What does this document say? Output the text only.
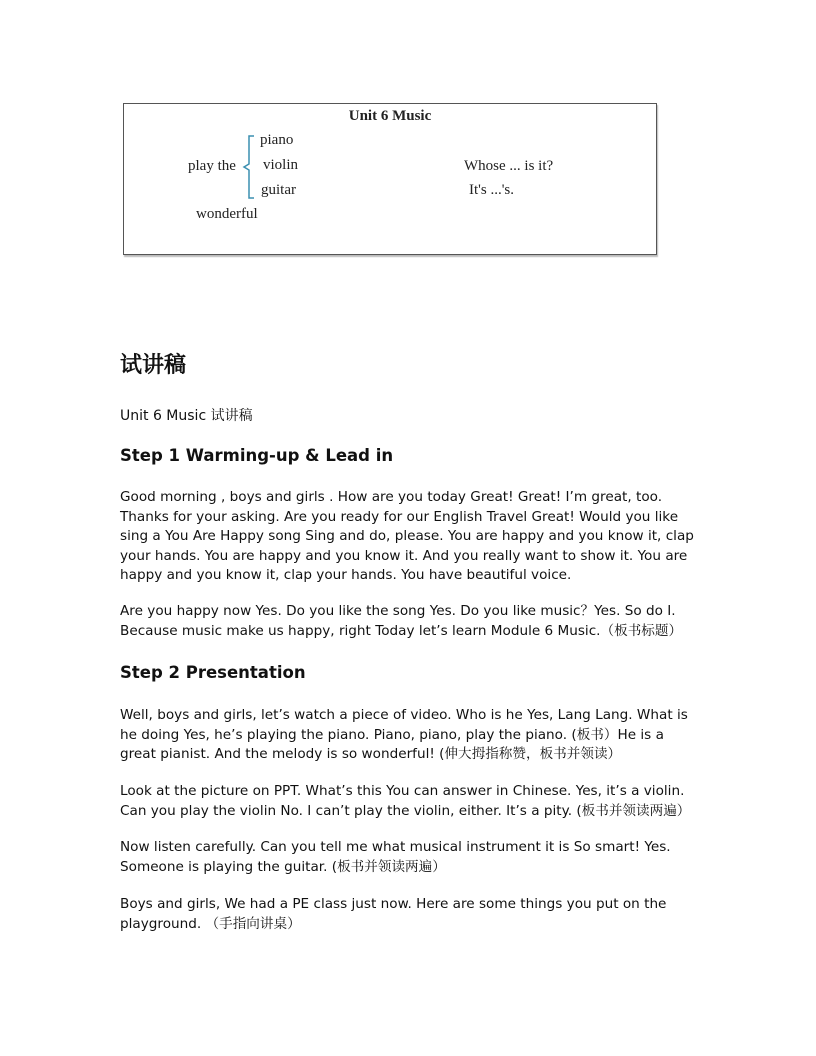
Unit 6 Music
play the
piano
violin
guitar
wonderful
Whose ... is it?
It's ...'s.
试讲稿
Unit 6 Music 试讲稿
Step 1 Warming-up & Lead in

Good morning , boys and girls . How are you today Great! Great! I’m great, too. Thanks for your asking. Are you ready for our English Travel Great! Would you like sing a You Are Happy song Sing and do, please. You are happy and you know it, clap your hands. You are happy and you know it. And you really want to show it. You are happy and you know it, clap your hands. You have beautiful voice.

Are you happy now Yes. Do you like the song Yes. Do you like music？Yes. So do I. Because music make us happy, right Today let’s learn Module 6 Music.（板书标题）

Step 2 Presentation

Well, boys and girls, let’s watch a piece of video. Who is he Yes, Lang Lang. What is he doing Yes, he’s playing the piano. Piano, piano, play the piano. (板书）He is a great pianist. And the melody is so wonderful! (伸大拇指称赞，板书并领读）

Look at the picture on PPT. What’s this You can answer in Chinese. Yes, it’s a violin. Can you play the violin No. I can’t play the violin, either. It’s a pity. (板书并领读两遍）

Now listen carefully. Can you tell me what musical instrument it is So smart! Yes. Someone is playing the guitar. (板书并领读两遍）

Boys and girls, We had a PE class just now. Here are some things you put on the playground. （手指向讲桌）
